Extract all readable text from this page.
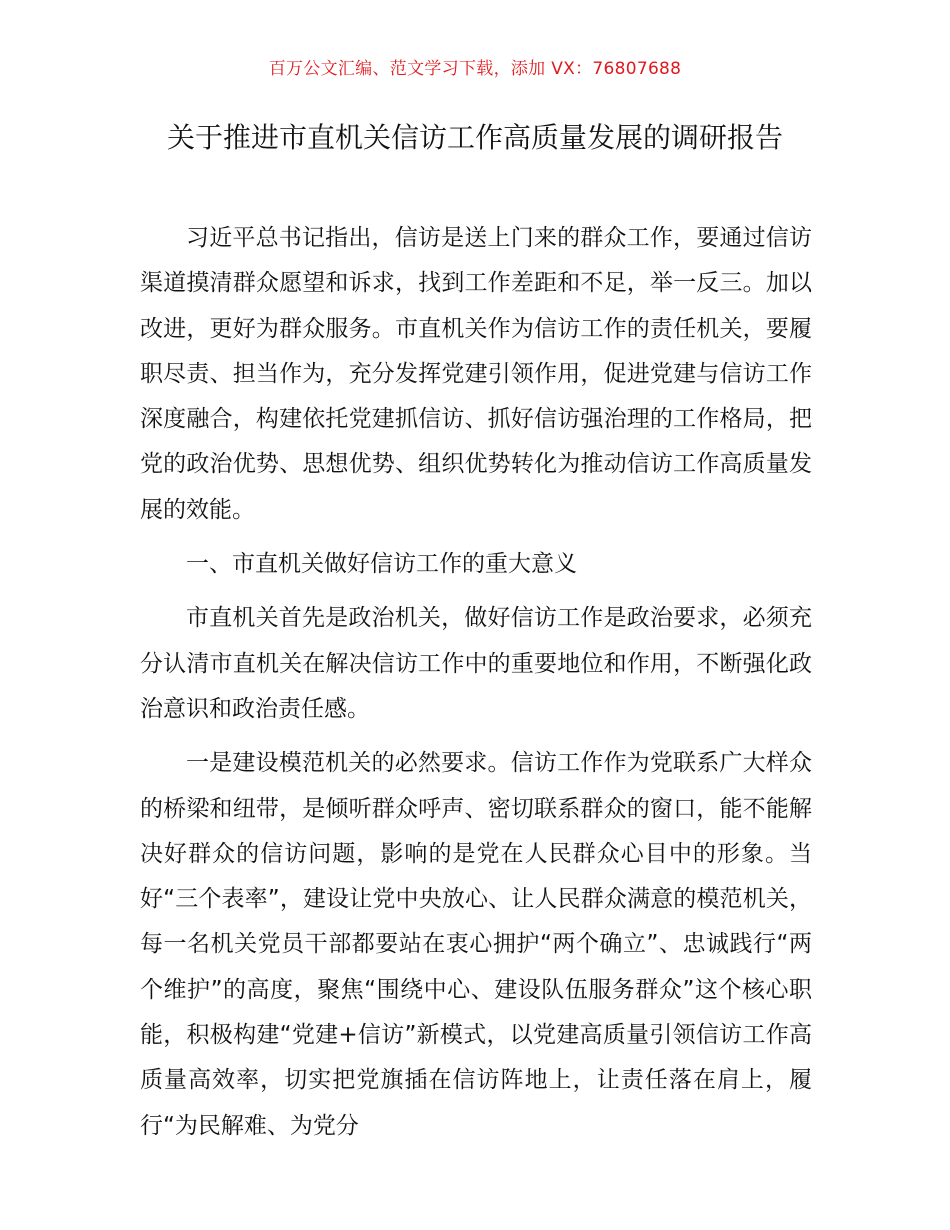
百万公文汇编、范文学习下载，添加 VX：76807688
关于推进市直机关信访工作高质量发展的调研报告

习近平总书记指出，信访是送上门来的群众工作，要通过信访渠道摸清群众愿望和诉求，找到工作差距和不足，举一反三。加以改进，更好为群众服务。市直机关作为信访工作的责任机关，要履职尽责、担当作为，充分发挥党建引领作用，促进党建与信访工作深度融合，构建依托党建抓信访、抓好信访强治理的工作格局，把党的政治优势、思想优势、组织优势转化为推动信访工作高质量发展的效能。

一、市直机关做好信访工作的重大意义

市直机关首先是政治机关，做好信访工作是政治要求，必须充分认清市直机关在解决信访工作中的重要地位和作用，不断强化政治意识和政治责任感。

一是建设模范机关的必然要求。信访工作作为党联系广大样众的桥梁和纽带，是倾听群众呼声、密切联系群众的窗口，能不能解决好群众的信访问题，影响的是党在人民群众心目中的形象。当好“三个表率”，建设让党中央放心、让人民群众满意的模范机关，每一名机关党员干部都要站在衷心拥护“两个确立”、忠诚践行“两个维护”的高度，聚焦“围绕中心、建设队伍服务群众”这个核心职能，积极构建“党建+信访”新模式，以党建高质量引领信访工作高质量高效率，切实把党旗插在信访阵地上，让责任落在肩上，履行“为民解难、为党分
